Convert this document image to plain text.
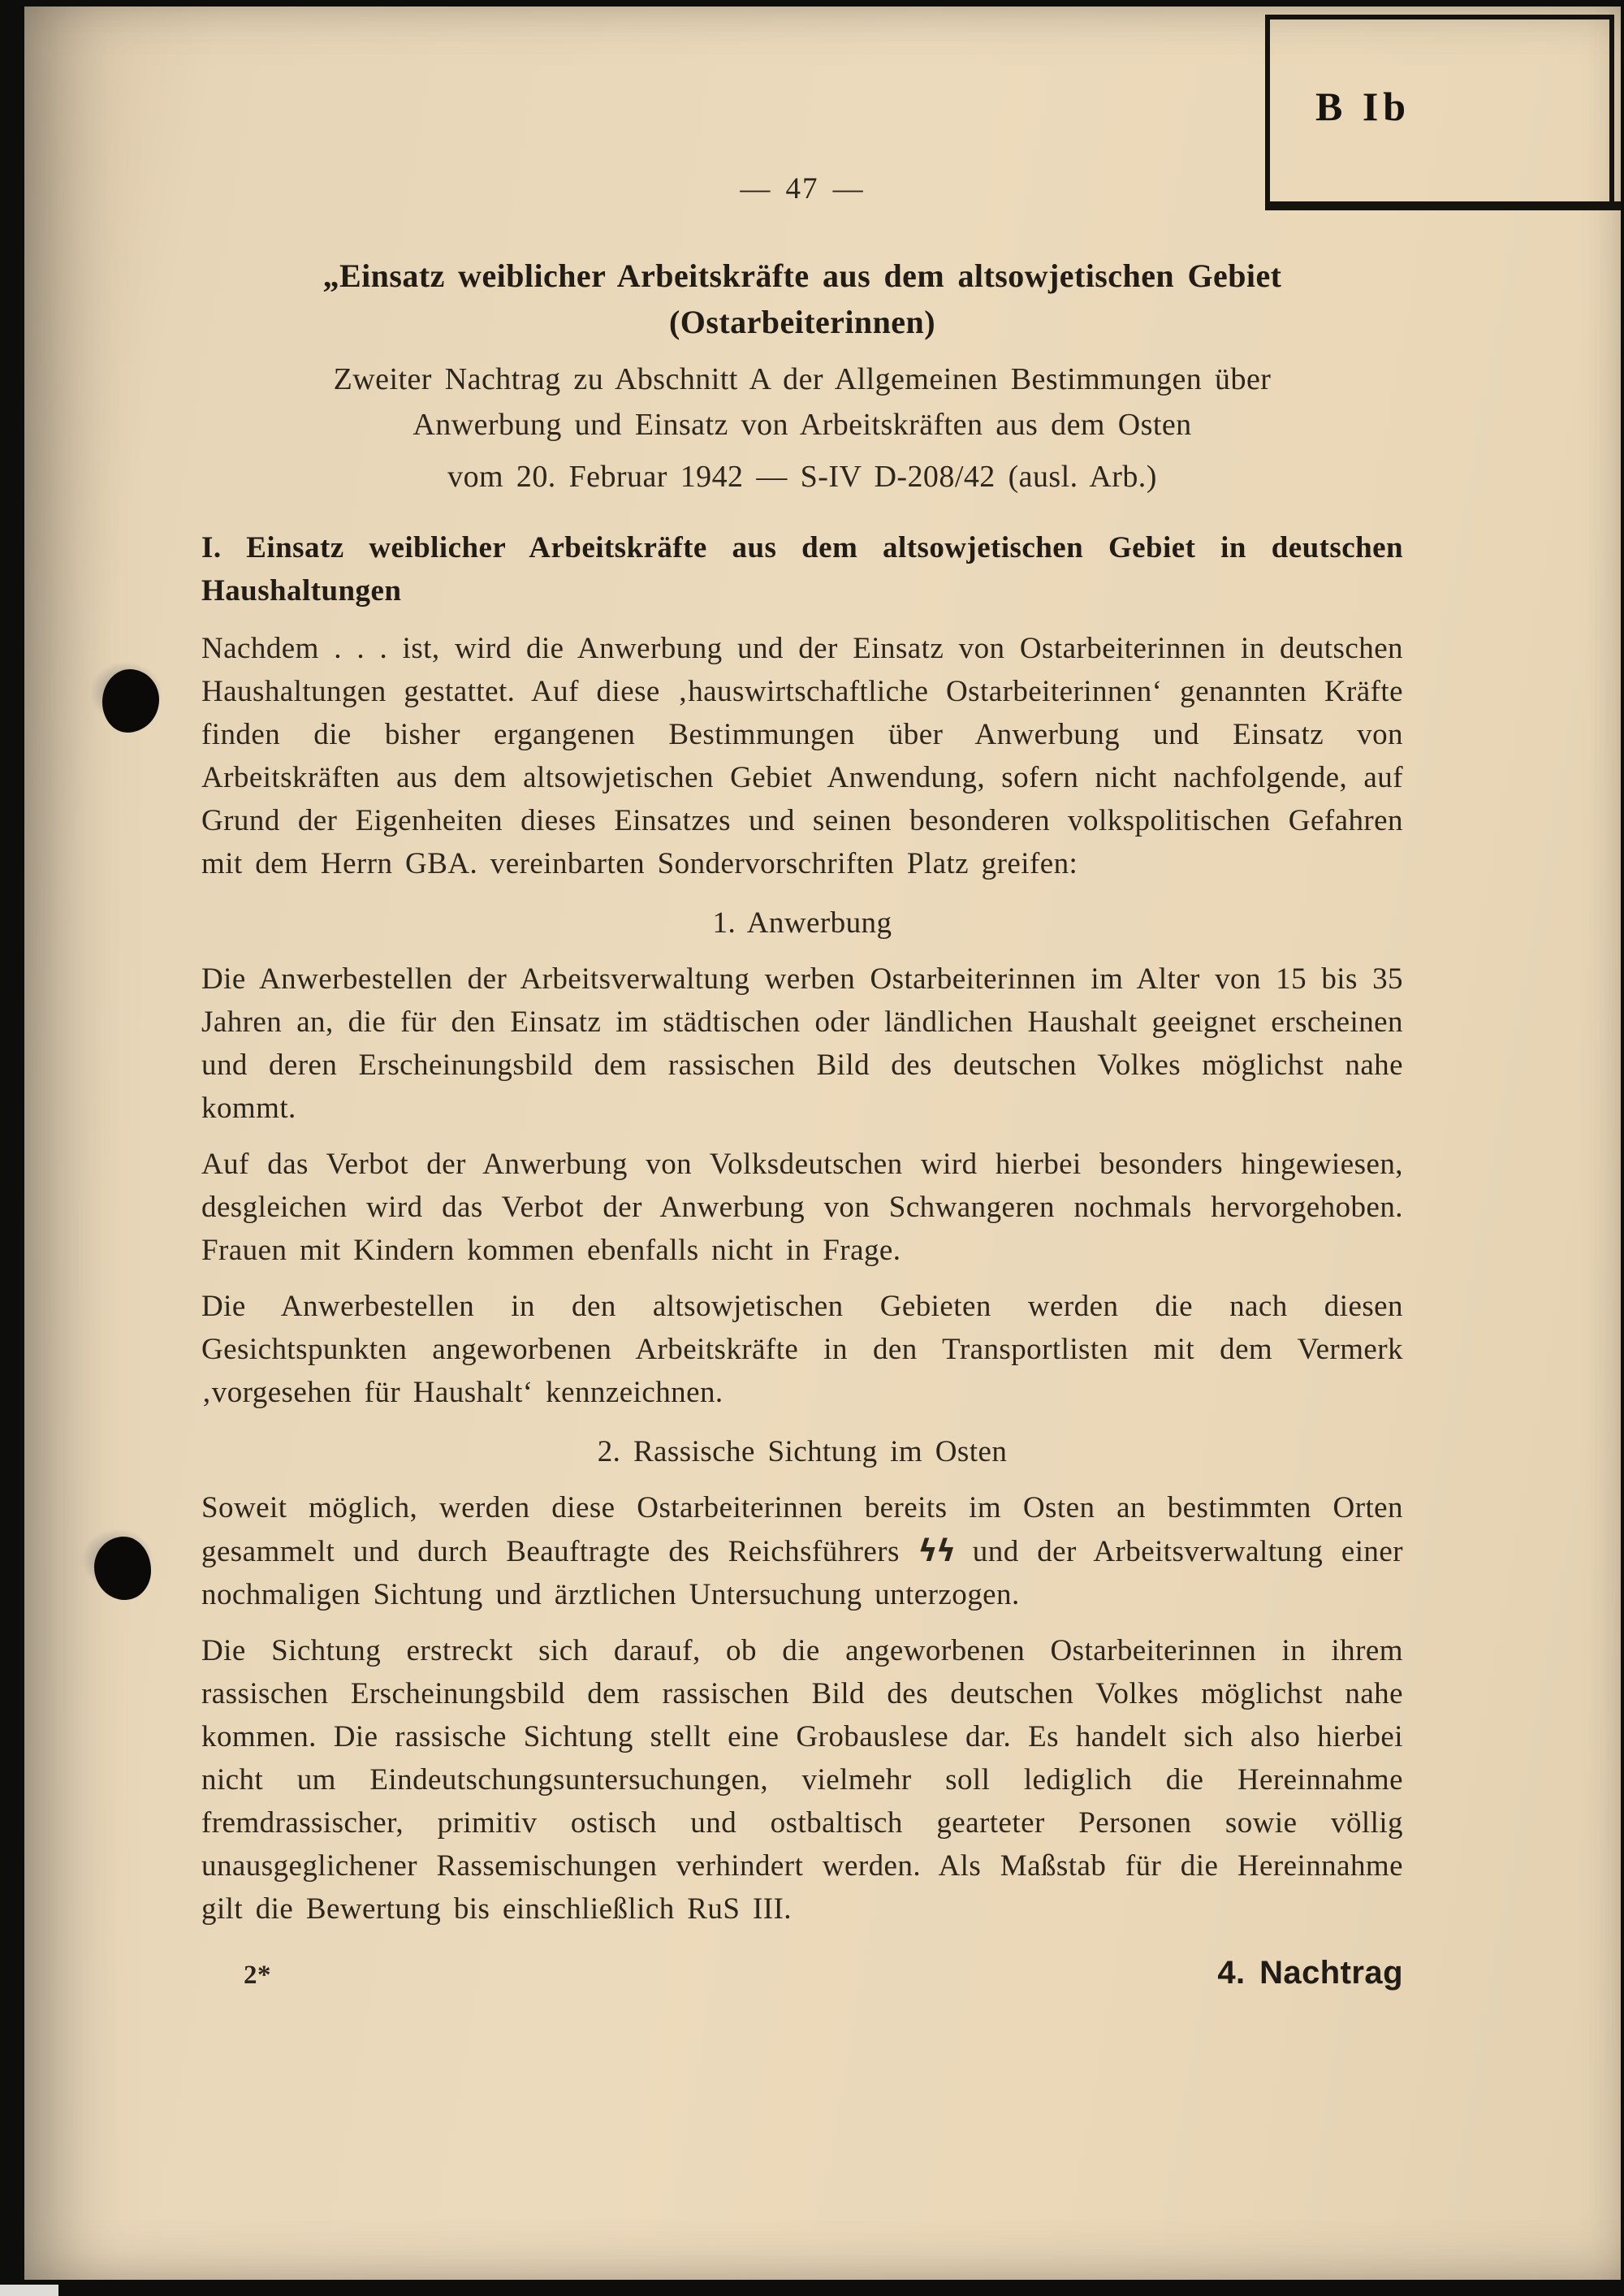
B Ib
— 47 —
„Einsatz weiblicher Arbeitskräfte aus dem altsowjetischen Gebiet
(Ostarbeiterinnen)
Zweiter Nachtrag zu Abschnitt A der Allgemeinen Bestimmungen über
Anwerbung und Einsatz von Arbeitskräften aus dem Osten
vom 20. Februar 1942 — S-IV D-208/42 (ausl. Arb.)
I. Einsatz weiblicher Arbeitskräfte aus dem altsowjetischen Gebiet in deutschen Haushaltungen

Nachdem . . . ist, wird die Anwerbung und der Einsatz von Ostarbeiterinnen in deutschen Haushaltungen gestattet. Auf diese ‚hauswirtschaftliche Ostarbeiterinnen‘ genannten Kräfte finden die bisher ergangenen Bestimmungen über Anwerbung und Einsatz von Arbeitskräften aus dem altsowjetischen Gebiet Anwendung, sofern nicht nachfolgende, auf Grund der Eigenheiten dieses Einsatzes und seinen besonderen volkspolitischen Gefahren mit dem Herrn GBA. vereinbarten Sondervorschriften Platz greifen:

1. Anwerbung

Die Anwerbestellen der Arbeitsverwaltung werben Ostarbeiterinnen im Alter von 15 bis 35 Jahren an, die für den Einsatz im städtischen oder ländlichen Haushalt geeignet erscheinen und deren Erscheinungsbild dem rassischen Bild des deutschen Volkes möglichst nahe kommt.

Auf das Verbot der Anwerbung von Volksdeutschen wird hierbei besonders hingewiesen, desgleichen wird das Verbot der Anwerbung von Schwangeren nochmals hervorgehoben. Frauen mit Kindern kommen ebenfalls nicht in Frage.

Die Anwerbestellen in den altsowjetischen Gebieten werden die nach diesen Gesichtspunkten angeworbenen Arbeitskräfte in den Transportlisten mit dem Vermerk ‚vorgesehen für Haushalt‘ kennzeichnen.

2. Rassische Sichtung im Osten

Soweit möglich, werden diese Ostarbeiterinnen bereits im Osten an bestimmten Orten gesammelt und durch Beauftragte des Reichsführers ϟϟ und der Arbeitsverwaltung einer nochmaligen Sichtung und ärztlichen Untersuchung unterzogen.

Die Sichtung erstreckt sich darauf, ob die angeworbenen Ostarbeiterinnen in ihrem rassischen Erscheinungsbild dem rassischen Bild des deutschen Volkes möglichst nahe kommen. Die rassische Sichtung stellt eine Grobauslese dar. Es handelt sich also hierbei nicht um Eindeutschungsuntersuchungen, vielmehr soll lediglich die Hereinnahme fremdrassischer, primitiv ostisch und ostbaltisch gearteter Personen sowie völlig unausgeglichener Rassemischungen verhindert werden. Als Maßstab für die Hereinnahme gilt die Bewertung bis einschließlich RuS III.

2*	4. Nachtrag
